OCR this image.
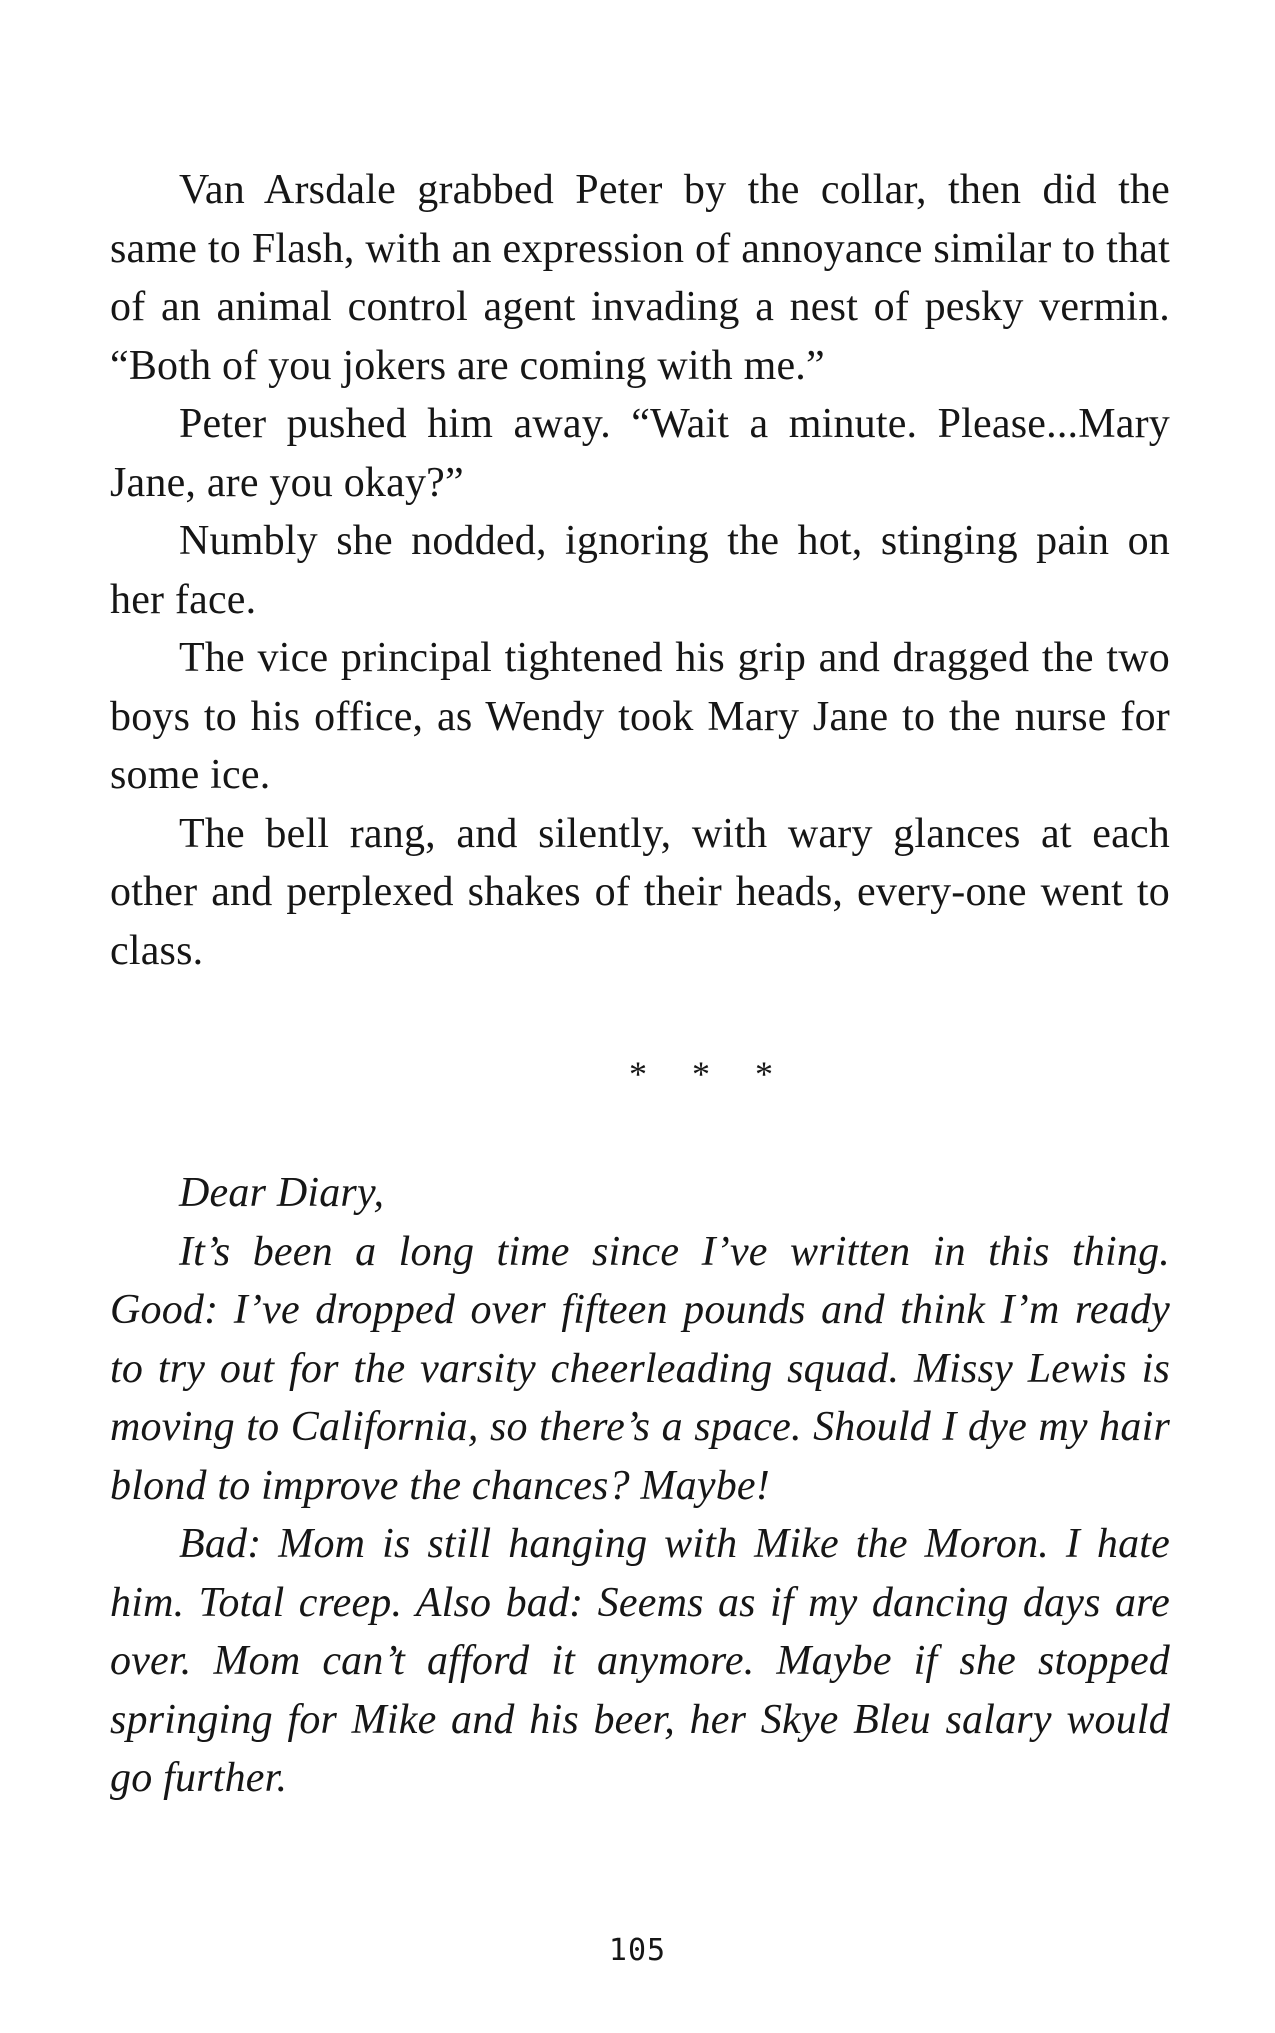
Van Arsdale grabbed Peter by the collar, then did the same to Flash, with an expression of annoyance similar to that of an animal control agent invading a nest of pesky vermin. “Both of you jokers are coming with me.”

Peter pushed him away. “Wait a minute. Please...Mary Jane, are you okay?”

Numbly she nodded, ignoring the hot, stinging pain on her face.

The vice principal tightened his grip and dragged the two boys to his office, as Wendy took Mary Jane to the nurse for some ice.

The bell rang, and silently, with wary glances at each other and perplexed shakes of their heads, every-one went to class.

* * *

Dear Diary,

It’s been a long time since I’ve written in this thing. Good: I’ve dropped over fifteen pounds and think I’m ready to try out for the varsity cheerleading squad. Missy Lewis is moving to California, so there’s a space. Should I dye my hair blond to improve the chances? Maybe!

Bad: Mom is still hanging with Mike the Moron. I hate him. Total creep. Also bad: Seems as if my dancing days are over. Mom can’t afford it anymore. Maybe if she stopped springing for Mike and his beer, her Skye Bleu salary would go further.

105
